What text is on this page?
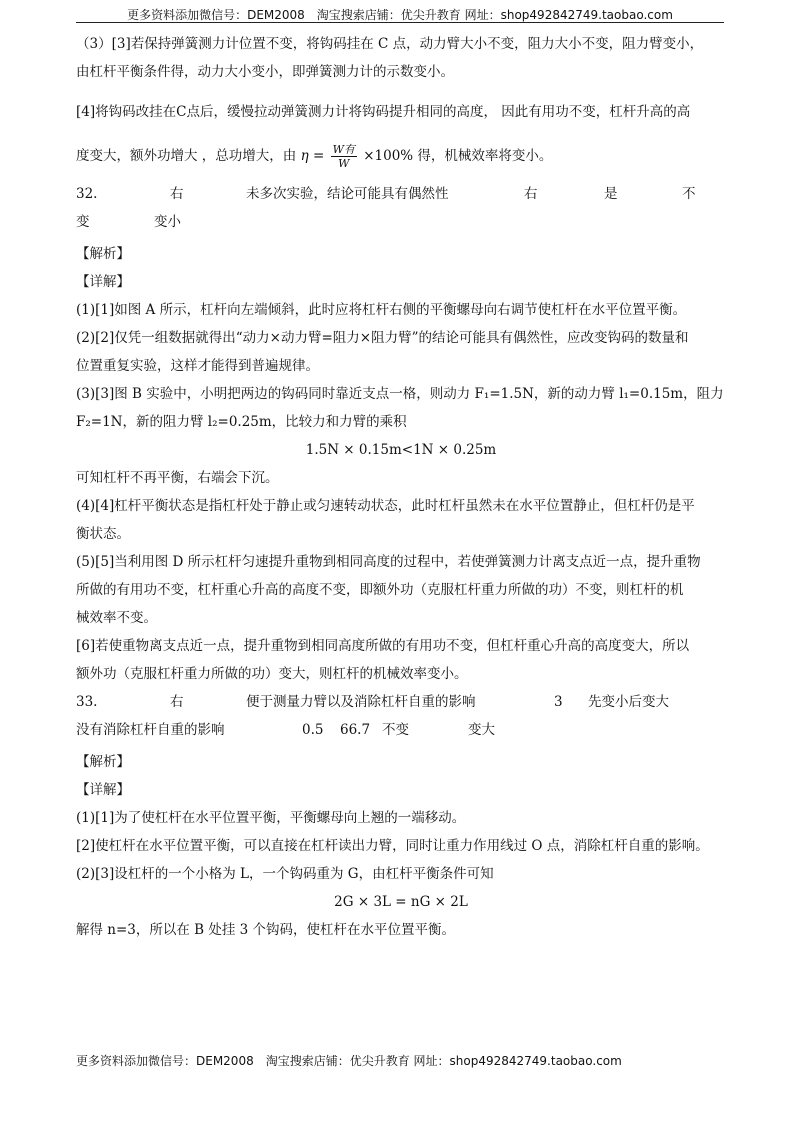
更多资料添加微信号：DEM2008　淘宝搜索店铺：优尖升教育 网址：shop492842749.taobao.com

（3）[3]若保持弹簧测力计位置不变，将钩码挂在 C 点，动力臂大小不变，阻力大小不变，阻力臂变小，

由杠杆平衡条件得，动力大小变小，即弹簧测力计的示数变小。

[4]将钩码改挂在C点后，缓慢拉动弹簧测力计将钩码提升相同的高度， 因此有用功不变，杠杆升高的高

度变大，额外功增大 ，总功增大，由 $\eta = \frac{\text{W有}}{W} \times 100\%$ 得，机械效率将变小。

32.	右	未多次实验，结论可能具有偶然性	右	是	不
变	变小

【解析】

【详解】

(1)[1]如图 A 所示，杠杆向左端倾斜，此时应将杠杆右侧的平衡螺母向右调节使杠杆在水平位置平衡。

(2)[2]仅凭一组数据就得出“动力×动力臂=阻力×阻力臂”的结论可能具有偶然性，应改变钩码的数量和

位置重复实验，这样才能得到普遍规律。

(3)[3]图 B 实验中，小明把两边的钩码同时靠近支点一格，则动力 F₁=1.5N，新的动力臂 l₁=0.15m，阻力

F₂=1N，新的阻力臂 l₂=0.25m，比较力和力臂的乘积

1.5N × 0.15m<1N × 0.25m

可知杠杆不再平衡，右端会下沉。

(4)[4]杠杆平衡状态是指杠杆处于静止或匀速转动状态，此时杠杆虽然未在水平位置静止，但杠杆仍是平

衡状态。

(5)[5]当利用图 D 所示杠杆匀速提升重物到相同高度的过程中，若使弹簧测力计离支点近一点，提升重物

所做的有用功不变，杠杆重心升高的高度不变，即额外功（克服杠杆重力所做的功）不变，则杠杆的机

械效率不变。

[6]若使重物离支点近一点，提升重物到相同高度所做的有用功不变，但杠杆重心升高的高度变大，所以

额外功（克服杠杆重力所做的功）变大，则杠杆的机械效率变小。

33.	右	便于测量力臂以及消除杠杆自重的影响	3	先变小后变大
没有消除杠杆自重的影响	0.5	66.7 不变	变大

【解析】

【详解】

(1)[1]为了使杠杆在水平位置平衡，平衡螺母向上翘的一端移动。

[2]使杠杆在水平位置平衡，可以直接在杠杆读出力臂，同时让重力作用线过 O 点，消除杠杆自重的影响。

(2)[3]设杠杆的一个小格为 L，一个钩码重为 G，由杠杆平衡条件可知

2G × 3L = nG × 2L

解得 n=3，所以在 B 处挂 3 个钩码，使杠杆在水平位置平衡。

更多资料添加微信号：DEM2008　淘宝搜索店铺：优尖升教育 网址：shop492842749.taobao.com
